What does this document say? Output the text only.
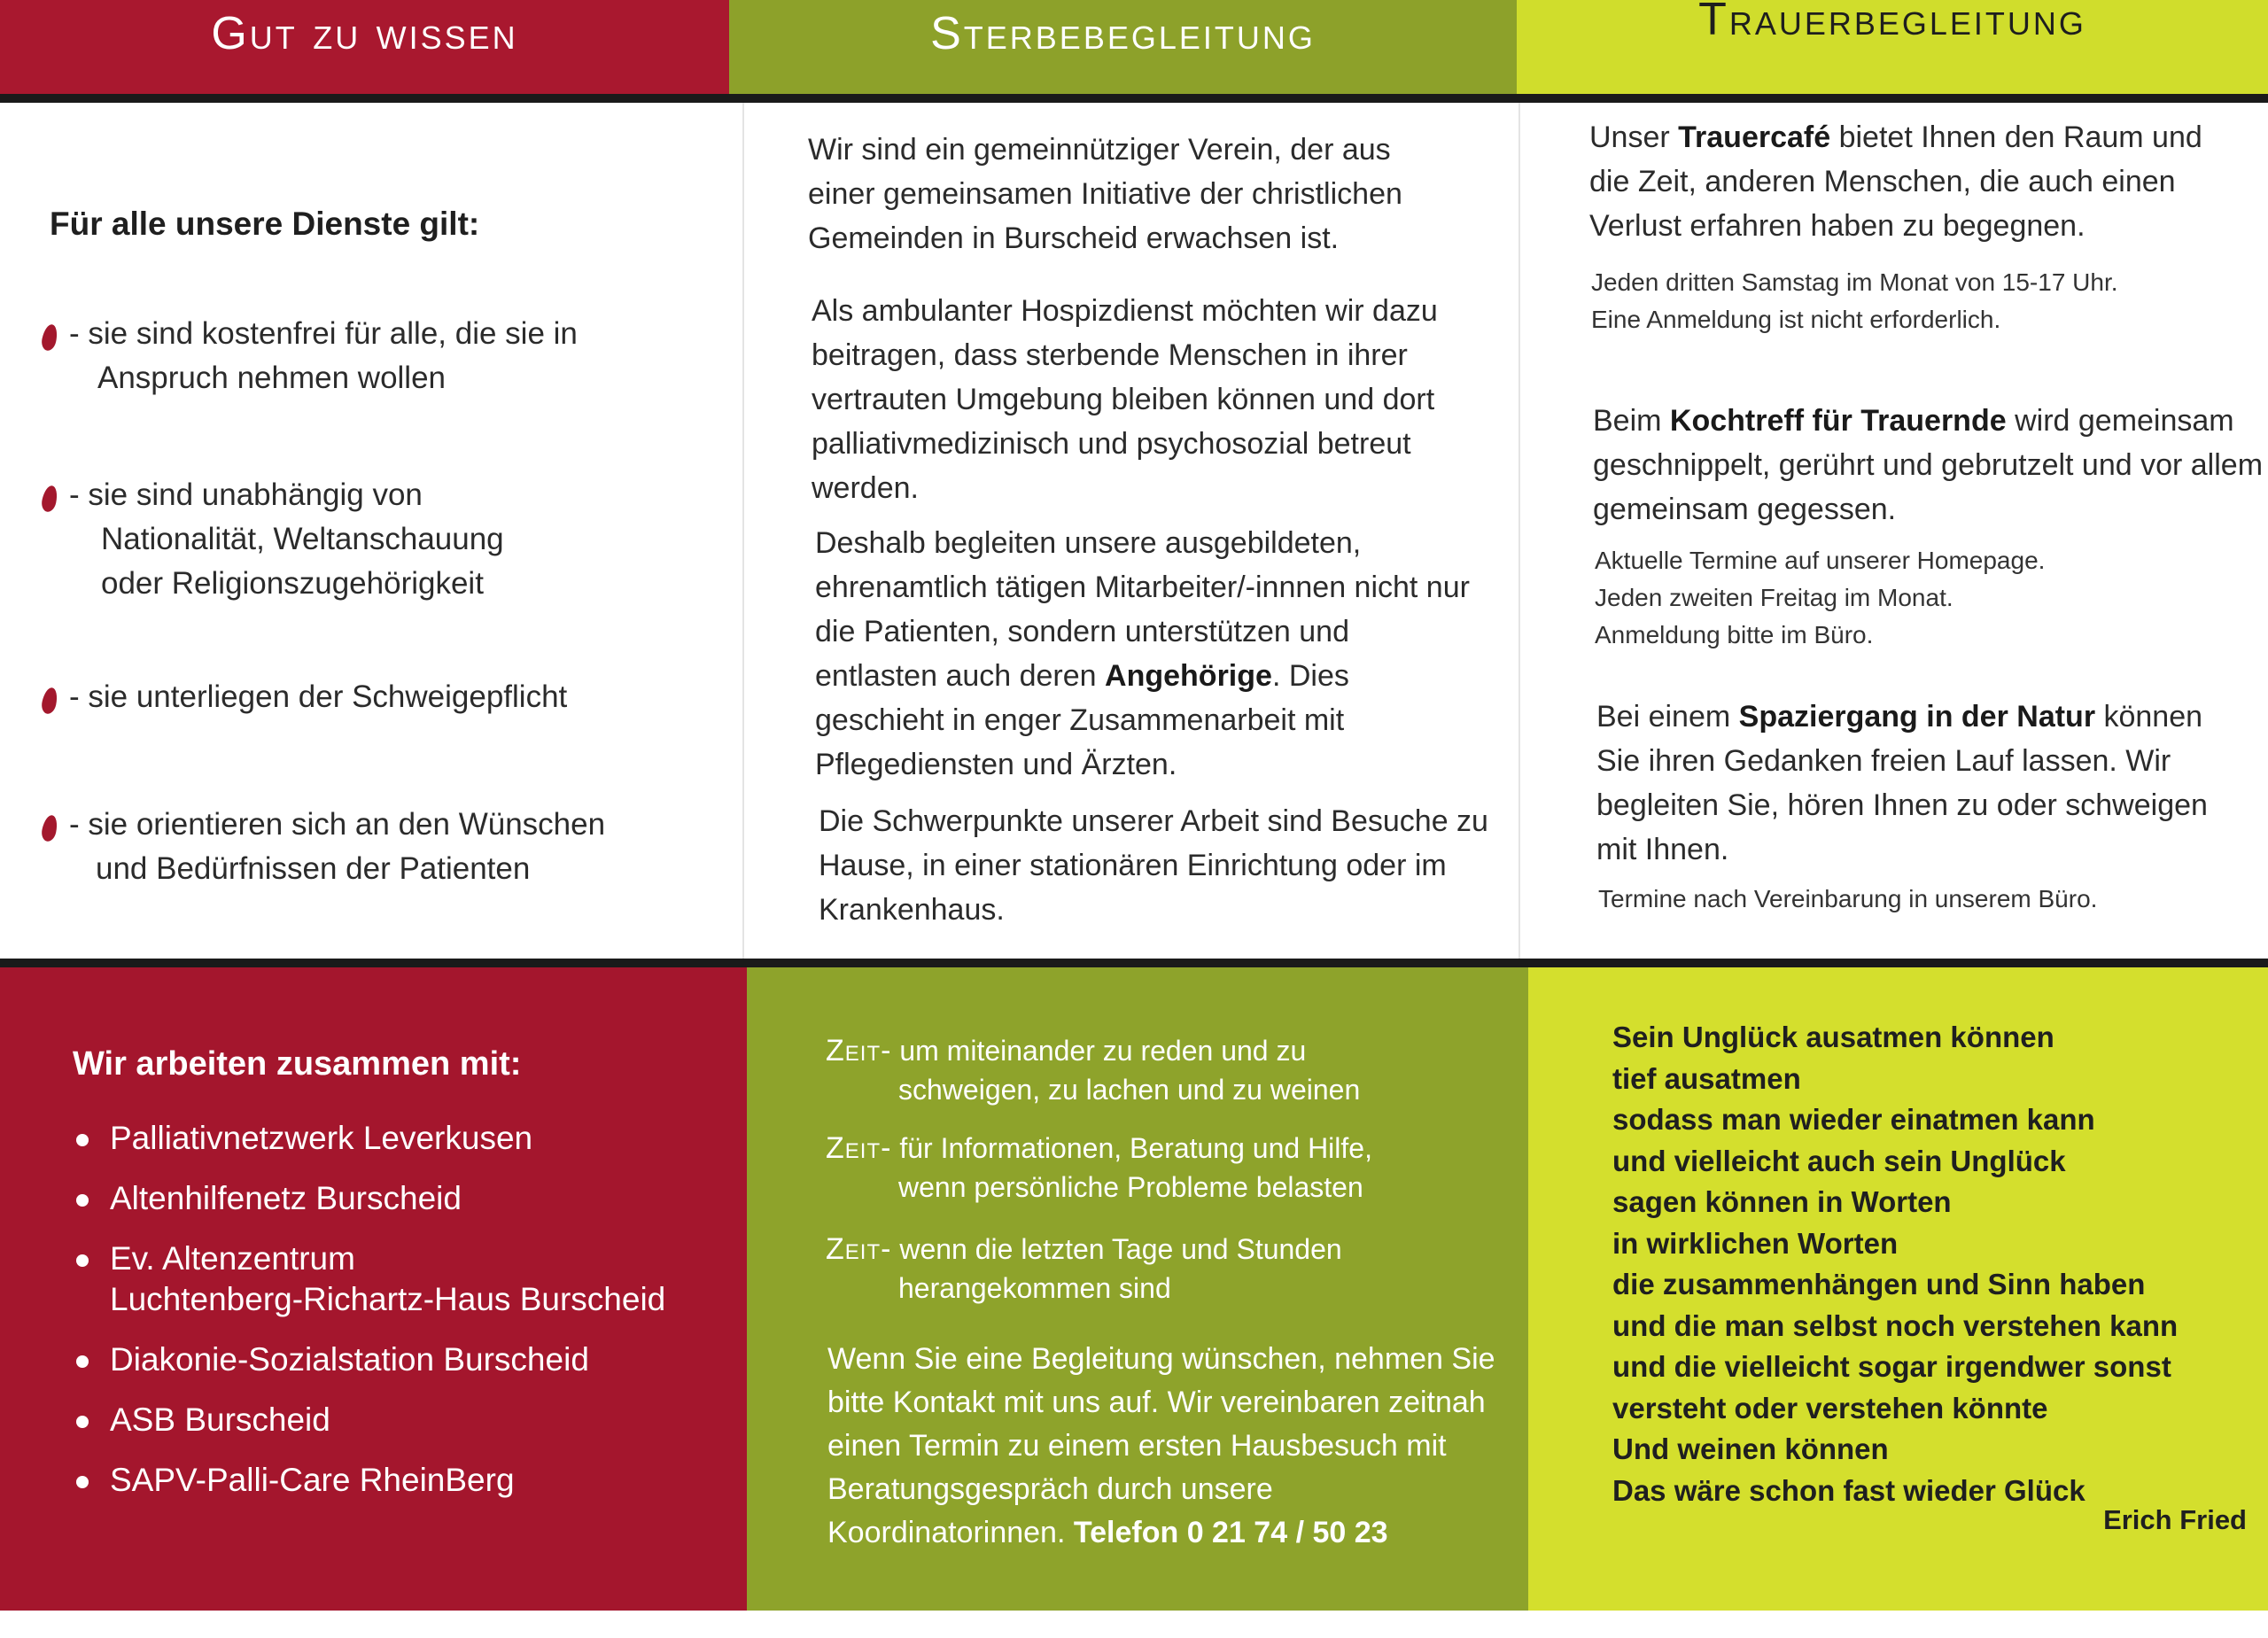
Gut zu wissen	Sterbebegleitung	Trauerbegleitung
Für alle unsere Dienste gilt:
- sie sind kostenfrei für alle, die sie in
Anspruch nehmen wollen
- sie sind unabhängig von
Nationalität, Weltanschauung
oder Religionszugehörigkeit
- sie unterliegen der Schweigepflicht
- sie orientieren sich an den Wünschen
und Bedürfnissen der Patienten
Wir sind ein gemeinnütziger Verein, der aus einer gemeinsamen Initiative der christlichen Gemeinden in Burscheid erwachsen ist.
Als ambulanter Hospizdienst möchten wir dazu beitragen, dass sterbende Menschen in ihrer vertrauten Umgebung bleiben können und dort palliativmedizinisch und psychosozial betreut werden.
Deshalb begleiten unsere ausgebildeten, ehrenamtlich tätigen Mitarbeiter/-innnen nicht nur die Patienten, sondern unterstützen und entlasten auch deren Angehörige. Dies geschieht in enger Zusammenarbeit mit Pflegediensten und Ärzten.
Die Schwerpunkte unserer Arbeit sind Besuche zu Hause, in einer stationären Einrichtung oder im Krankenhaus.
Unser Trauercafé bietet Ihnen den Raum und die Zeit, anderen Menschen, die auch einen Verlust erfahren haben zu begegnen.
Jeden dritten Samstag im Monat von 15-17 Uhr.
Eine Anmeldung ist nicht erforderlich.
Beim Kochtreff für Trauernde wird gemeinsam geschnippelt, gerührt und gebrutzelt und vor allem gemeinsam gegessen.
Aktuelle Termine auf unserer Homepage.
Jeden zweiten Freitag im Monat.
Anmeldung bitte im Büro.
Bei einem Spaziergang in der Natur können Sie ihren Gedanken freien Lauf lassen. Wir begleiten Sie, hören Ihnen zu oder schweigen mit Ihnen.
Termine nach Vereinbarung in unserem Büro.
Wir arbeiten zusammen mit:
Palliativnetzwerk Leverkusen
Altenhilfenetz Burscheid
Ev. Altenzentrum
Luchtenberg-Richartz-Haus Burscheid
Diakonie-Sozialstation Burscheid
ASB Burscheid
SAPV-Palli-Care RheinBerg
Zeit- um miteinander zu reden und zu
schweigen, zu lachen und zu weinen
Zeit- für Informationen, Beratung und Hilfe,
wenn persönliche Probleme belasten
Zeit- wenn die letzten Tage und Stunden
herangekommen sind
Wenn Sie eine Begleitung wünschen, nehmen Sie bitte Kontakt mit uns auf. Wir vereinbaren zeitnah einen Termin zu einem ersten Hausbesuch mit Beratungsgespräch durch unsere Koordinatorinnen. Telefon 0 21 74 / 50 23
Sein Unglück ausatmen können
tief ausatmen
sodass man wieder einatmen kann
und vielleicht auch sein Unglück
sagen können in Worten
in wirklichen Worten
die zusammenhängen und Sinn haben
und die man selbst noch verstehen kann
und die vielleicht sogar irgendwer sonst
versteht oder verstehen könnte
Und weinen können
Das wäre schon fast wieder Glück
Erich Fried
